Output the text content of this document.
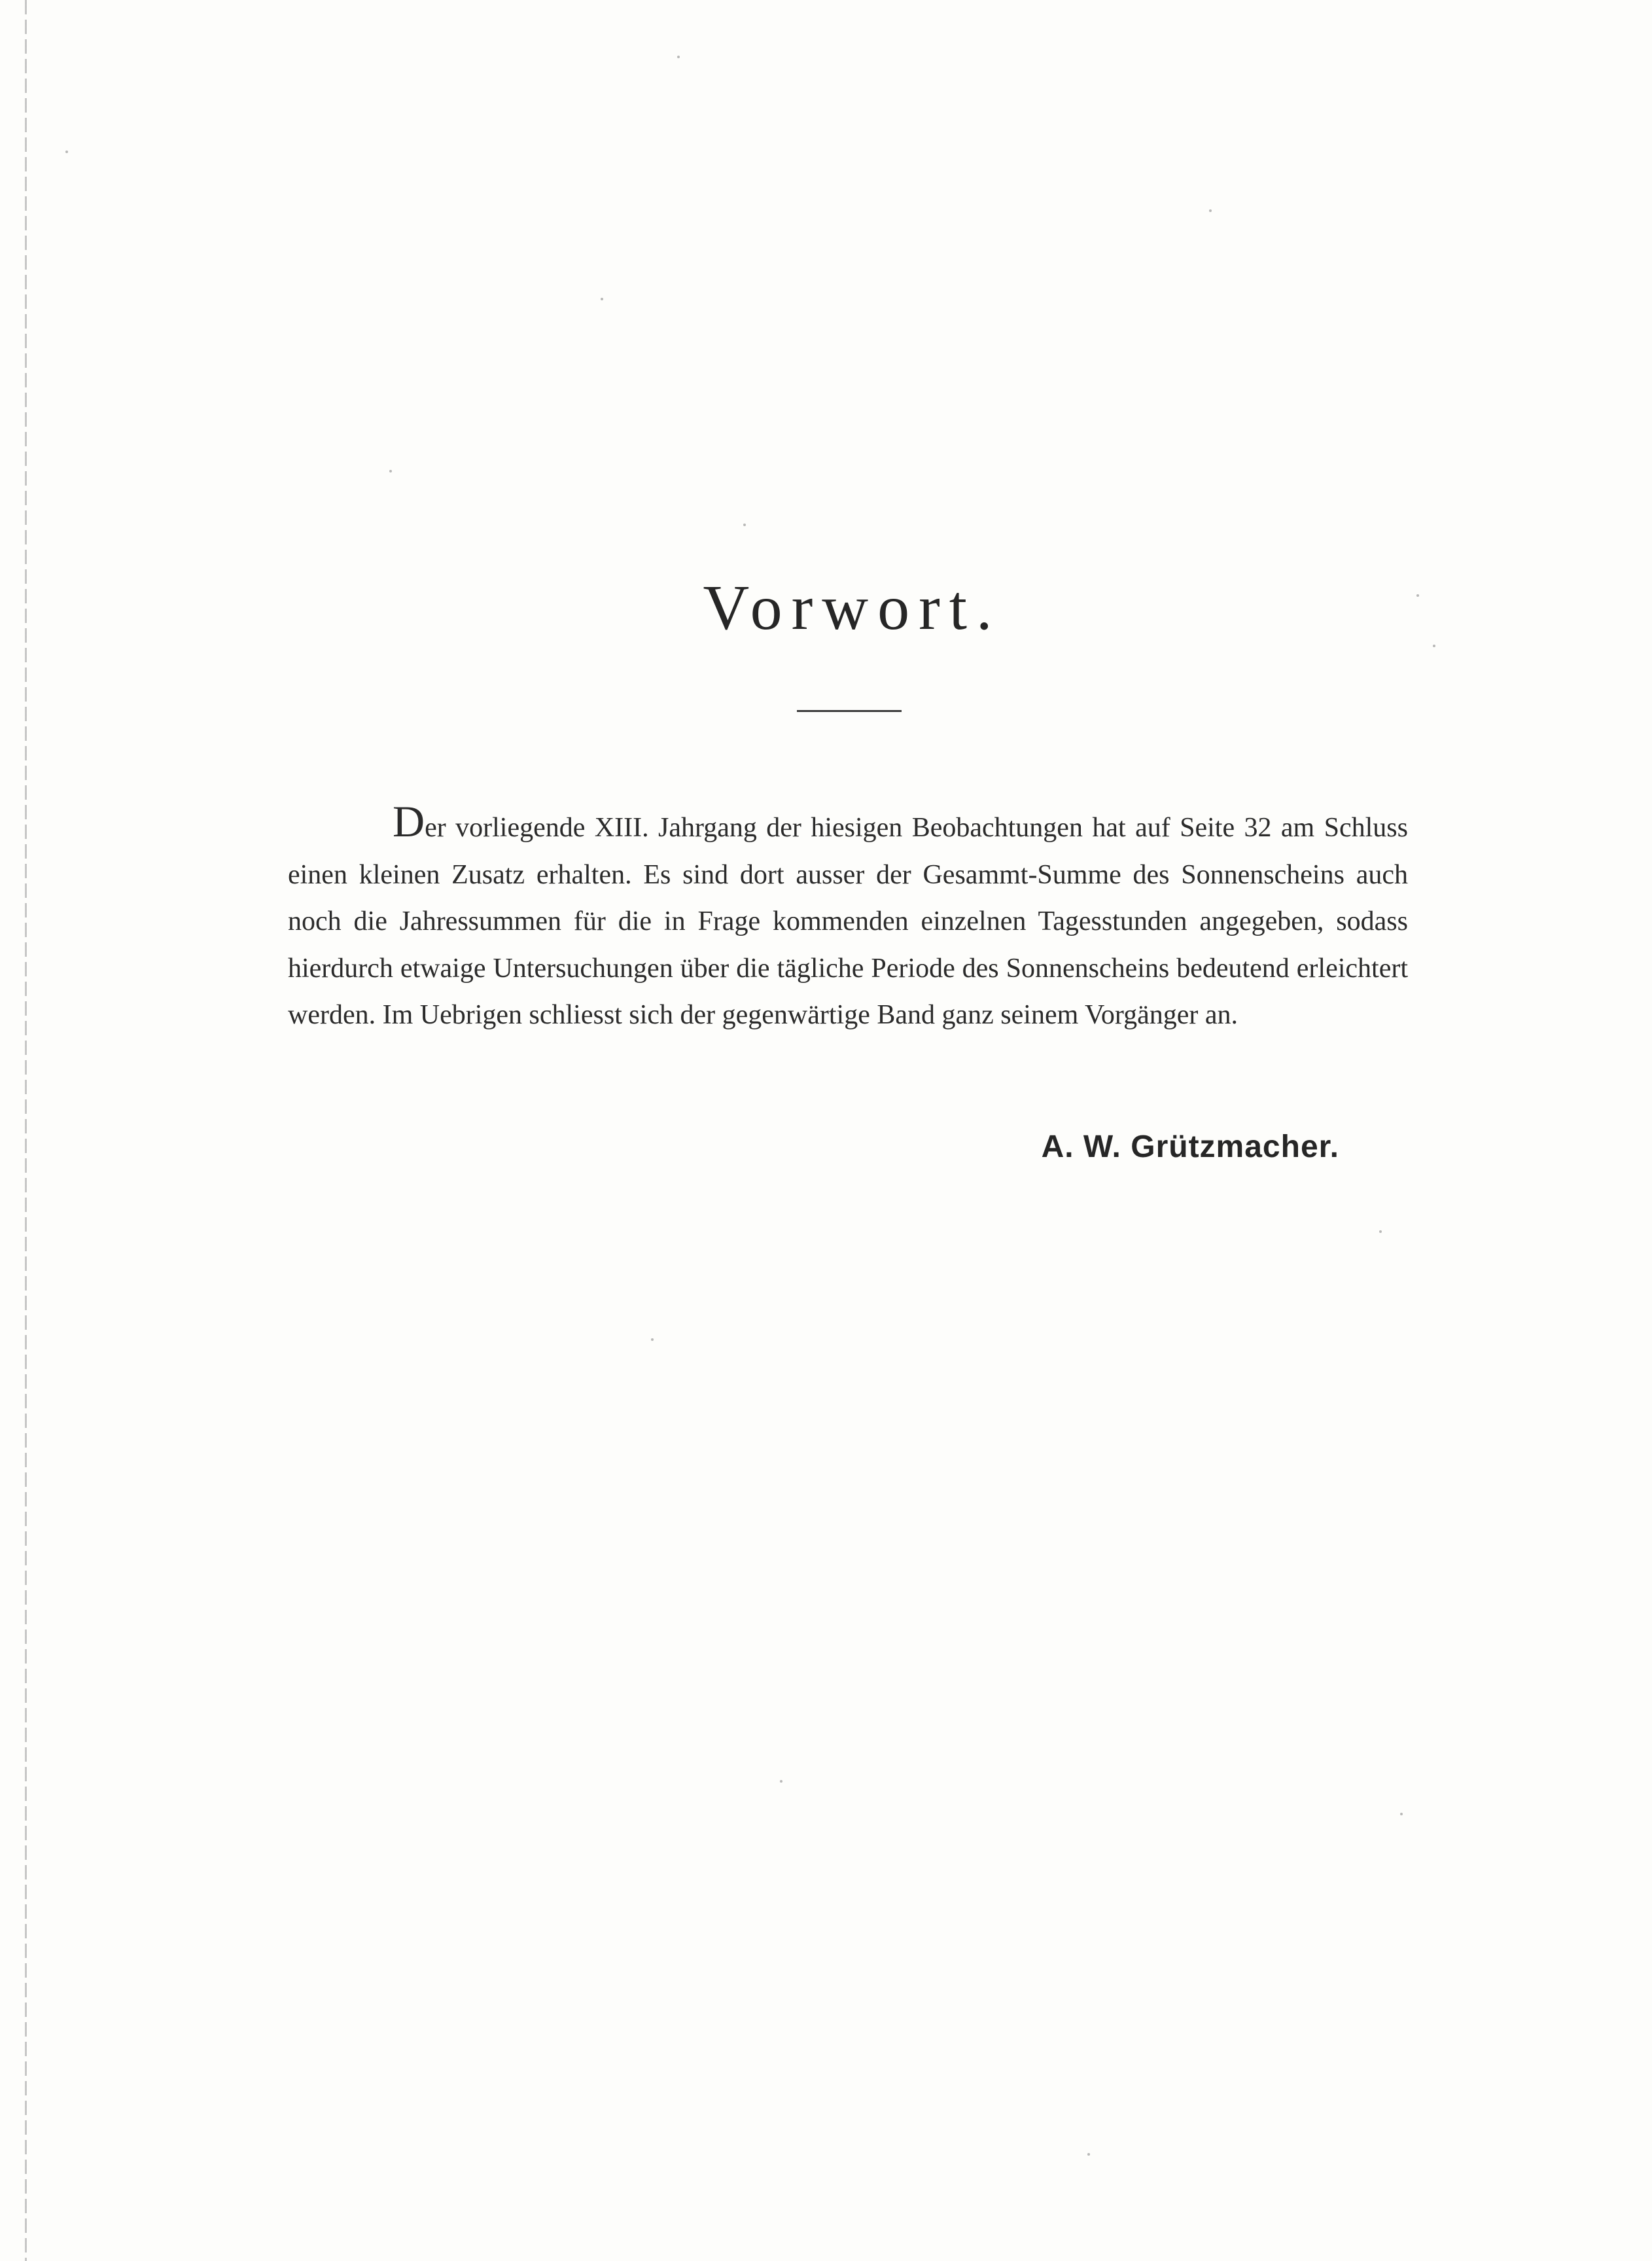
Vorwort.
Der vorliegende XIII. Jahrgang der hiesigen Beobachtungen hat auf Seite 32 am Schluss einen kleinen Zusatz erhalten. Es sind dort ausser der Gesammt-Summe des Sonnenscheins auch noch die Jahressummen für die in Frage kommenden einzelnen Tagesstunden angegeben, sodass hierdurch etwaige Untersuchungen über die tägliche Periode des Sonnenscheins bedeutend erleichtert werden. Im Uebrigen schliesst sich der gegenwärtige Band ganz seinem Vorgänger an.
A. W. Grützmacher.
